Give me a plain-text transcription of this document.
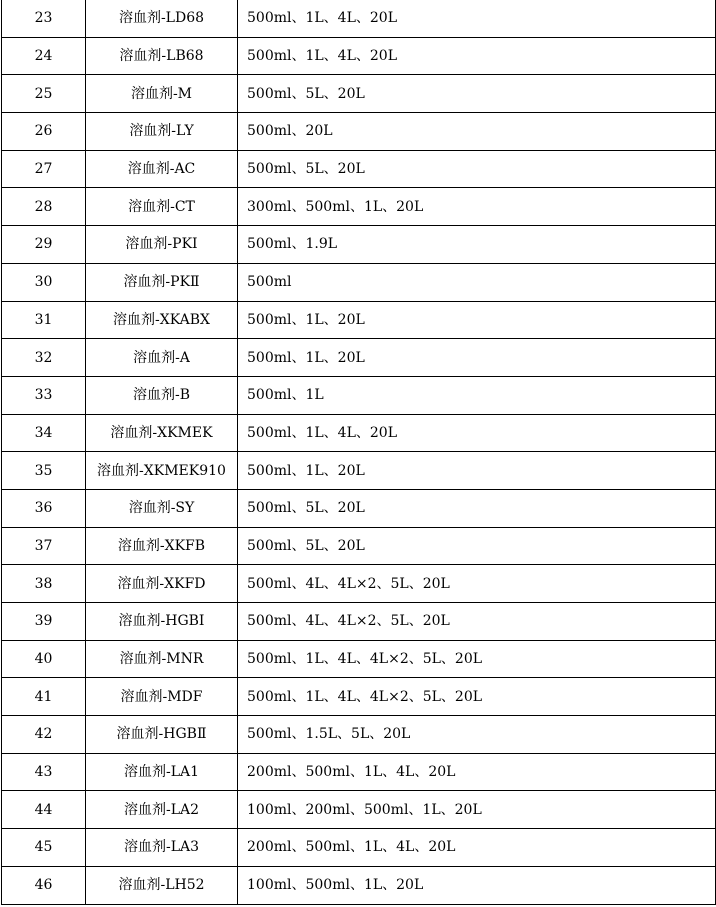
23	溶血剂-LD68	500ml、1L、4L、20L
24	溶血剂-LB68	500ml、1L、4L、20L
25	溶血剂-M	500ml、5L、20L
26	溶血剂-LY	500ml、20L
27	溶血剂-AC	500ml、5L、20L
28	溶血剂-CT	300ml、500ml、1L、20L
29	溶血剂-PKⅠ	500ml、1.9L
30	溶血剂-PKⅡ	500ml
31	溶血剂-XKABX	500ml、1L、20L
32	溶血剂-A	500ml、1L、20L
33	溶血剂-B	500ml、1L
34	溶血剂-XKMEK	500ml、1L、4L、20L
35	溶血剂-XKMEK910	500ml、1L、20L
36	溶血剂-SY	500ml、5L、20L
37	溶血剂-XKFB	500ml、5L、20L
38	溶血剂-XKFD	500ml、4L、4L×2、5L、20L
39	溶血剂-HGBⅠ	500ml、4L、4L×2、5L、20L
40	溶血剂-MNR	500ml、1L、4L、4L×2、5L、20L
41	溶血剂-MDF	500ml、1L、4L、4L×2、5L、20L
42	溶血剂-HGBⅡ	500ml、1.5L、5L、20L
43	溶血剂-LA1	200ml、500ml、1L、4L、20L
44	溶血剂-LA2	100ml、200ml、500ml、1L、20L
45	溶血剂-LA3	200ml、500ml、1L、4L、20L
46	溶血剂-LH52	100ml、500ml、1L、20L
